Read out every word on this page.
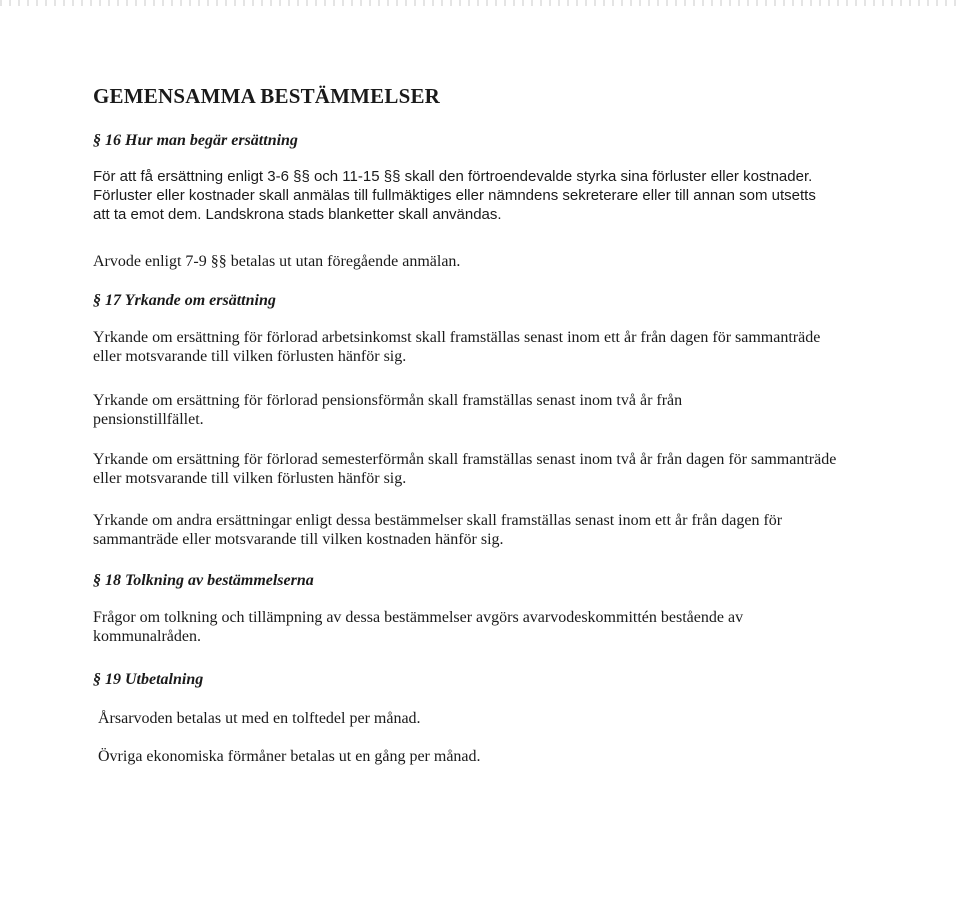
GEMENSAMMA BESTÄMMELSER
§ 16 Hur man begär ersättning

För att få ersättning enligt 3-6 §§ och 11-15 §§ skall den förtroendevalde styrka sina förluster eller kostnader. Förluster eller kostnader skall anmälas till fullmäktiges eller nämndens sekreterare eller till annan som utsetts att ta emot dem. Landskrona stads blanketter skall användas.

Arvode enligt 7-9 §§ betalas ut utan föregående anmälan.

§ 17 Yrkande om ersättning

Yrkande om ersättning för förlorad arbetsinkomst skall framställas senast inom ett år från dagen för sammanträde eller motsvarande till vilken förlusten hänför sig.

Yrkande om ersättning för förlorad pensionsförmån skall framställas senast inom två år från pensionstillfället.

Yrkande om ersättning för förlorad semesterförmån skall framställas senast inom två år från dagen för sammanträde eller motsvarande till vilken förlusten hänför sig.

Yrkande om andra ersättningar enligt dessa bestämmelser skall framställas senast inom ett år från dagen för sammanträde eller motsvarande till vilken kostnaden hänför sig.

§ 18 Tolkning av bestämmelserna

Frågor om tolkning och tillämpning av dessa bestämmelser avgörs avarvodeskommittén bestående av kommunalråden.

§ 19 Utbetalning

Årsarvoden betalas ut med en tolftedel per månad.

Övriga ekonomiska förmåner betalas ut en gång per månad.
